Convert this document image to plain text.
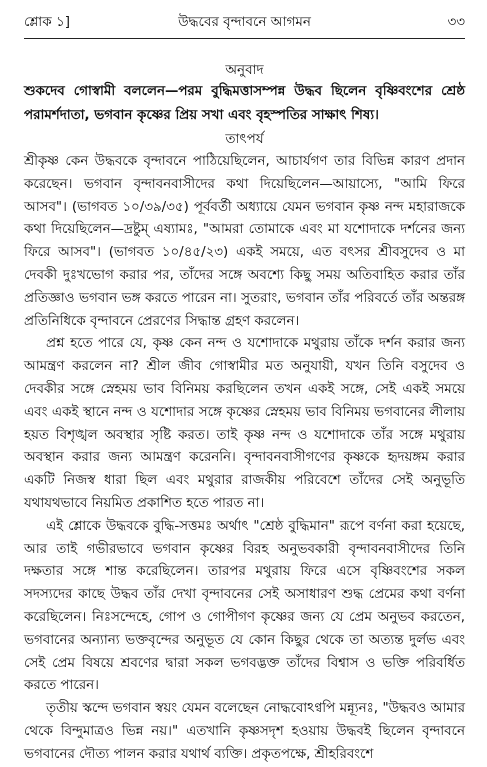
শ্লোক ১]	উদ্ধবের বৃন্দাবনে আগমন	৩৩
অনুবাদ
শুকদেব গোস্বামী বললেন—পরম বুদ্ধিমত্তাসম্পন্ন উদ্ধব ছিলেন বৃষ্ণিবংশের শ্রেষ্ঠ পরামর্শদাতা, ভগবান কৃষ্ণের প্রিয় সখা এবং বৃহস্পতির সাক্ষাৎ শিষ্য।
তাৎপর্য

শ্রীকৃষ্ণ কেন উদ্ধবকে বৃন্দাবনে পাঠিয়েছিলেন, আচার্যগণ তার বিভিন্ন কারণ প্রদান করেছেন। ভগবান বৃন্দাবনবাসীদের কথা দিয়েছিলেন—আয়াস্যে, "আমি ফিরে আসব"। (ভাগবত ১০/৩৯/৩৫) পূর্ববর্তী অধ্যায়ে যেমন ভগবান কৃষ্ণ নন্দ মহারাজকে কথা দিয়েছিলেন—দ্রষ্টুম্ এষ্যামঃ, "আমরা তোমাকে এবং মা যশোদাকে দর্শনের জন্য ফিরে আসব"। (ভাগবত ১০/৪৫/২৩) একই সময়ে, এত বৎসর শ্রীবসুদেব ও মা দেবকী দুঃখভোগ করার পর, তাঁদের সঙ্গে অবশ্যে কিছু সময় অতিবাহিত করার তাঁর প্রতিজ্ঞাও ভগবান ভঙ্গ করতে পারেন না। সুতরাং, ভগবান তাঁর পরিবর্তে তাঁর অন্তরঙ্গ প্রতিনিধিকে বৃন্দাবনে প্রেরণের সিদ্ধান্ত গ্রহণ করলেন।

প্রশ্ন হতে পারে যে, কৃষ্ণ কেন নন্দ ও যশোদাকে মথুরায় তাঁকে দর্শন করার জন্য আমন্ত্রণ করলেন না? শ্রীল জীব গোস্বামীর মত অনুযায়ী, যখন তিনি বসুদেব ও দেবকীর সঙ্গে স্নেহময় ভাব বিনিময় করছিলেন তখন একই সঙ্গে, সেই একই সময়ে এবং একই স্থানে নন্দ ও যশোদার সঙ্গে কৃষ্ণের স্নেহময় ভাব বিনিময় ভগবানের লীলায় হয়ত বিশৃঙ্খল অবস্থার সৃষ্টি করত। তাই কৃষ্ণ নন্দ ও যশোদাকে তাঁর সঙ্গে মথুরায় অবস্থান করার জন্য আমন্ত্রণ করেননি। বৃন্দাবনবাসীগণের কৃষ্ণকে হৃদয়ঙ্গম করার একটি নিজস্ব ধারা ছিল এবং মথুরার রাজকীয় পরিবেশে তাঁদের সেই অনুভূতি যথাযথভাবে নিয়মিত প্রকাশিত হতে পারত না।

এই শ্লোকে উদ্ধবকে বুদ্ধি-সত্তমঃ অর্থাৎ "শ্রেষ্ঠ বুদ্ধিমান" রূপে বর্ণনা করা হয়েছে, আর তাই গভীরভাবে ভগবান কৃষ্ণের বিরহ অনুভবকারী বৃন্দাবনবাসীদের তিনি দক্ষতার সঙ্গে শান্ত করেছিলেন। তারপর মথুরায় ফিরে এসে বৃষ্ণিবংশের সকল সদস্যদের কাছে উদ্ধব তাঁর দেখা বৃন্দাবনের সেই অসাধারণ শুদ্ধ প্রেমের কথা বর্ণনা করেছিলেন। নিঃসন্দেহে, গোপ ও গোপীগণ কৃষ্ণের জন্য যে প্রেম অনুভব করতেন, ভগবানের অন্যান্য ভক্তবৃন্দের অনুভূত যে কোন কিছুর থেকে তা অত্যন্ত দুর্লভ এবং সেই প্রেম বিষয়ে শ্রবণের দ্বারা সকল ভগবদ্ভক্ত তাঁদের বিশ্বাস ও ভক্তি পরিবর্ধিত করতে পারেন।

তৃতীয় স্কন্দে ভগবান স্বয়ং যেমন বলেছেন নোদ্ধবোঽণ্বপি মন্ন্যূনঃ, "উদ্ধবও আমার থেকে বিন্দুমাত্রও ভিন্ন নয়।" এতখানি কৃষ্ণসদৃশ হওয়ায় উদ্ধবই ছিলেন বৃন্দাবনে ভগবানের দৌত্য পালন করার যথার্থ ব্যক্তি। প্রকৃতপক্ষে, শ্রীহরিবংশে
